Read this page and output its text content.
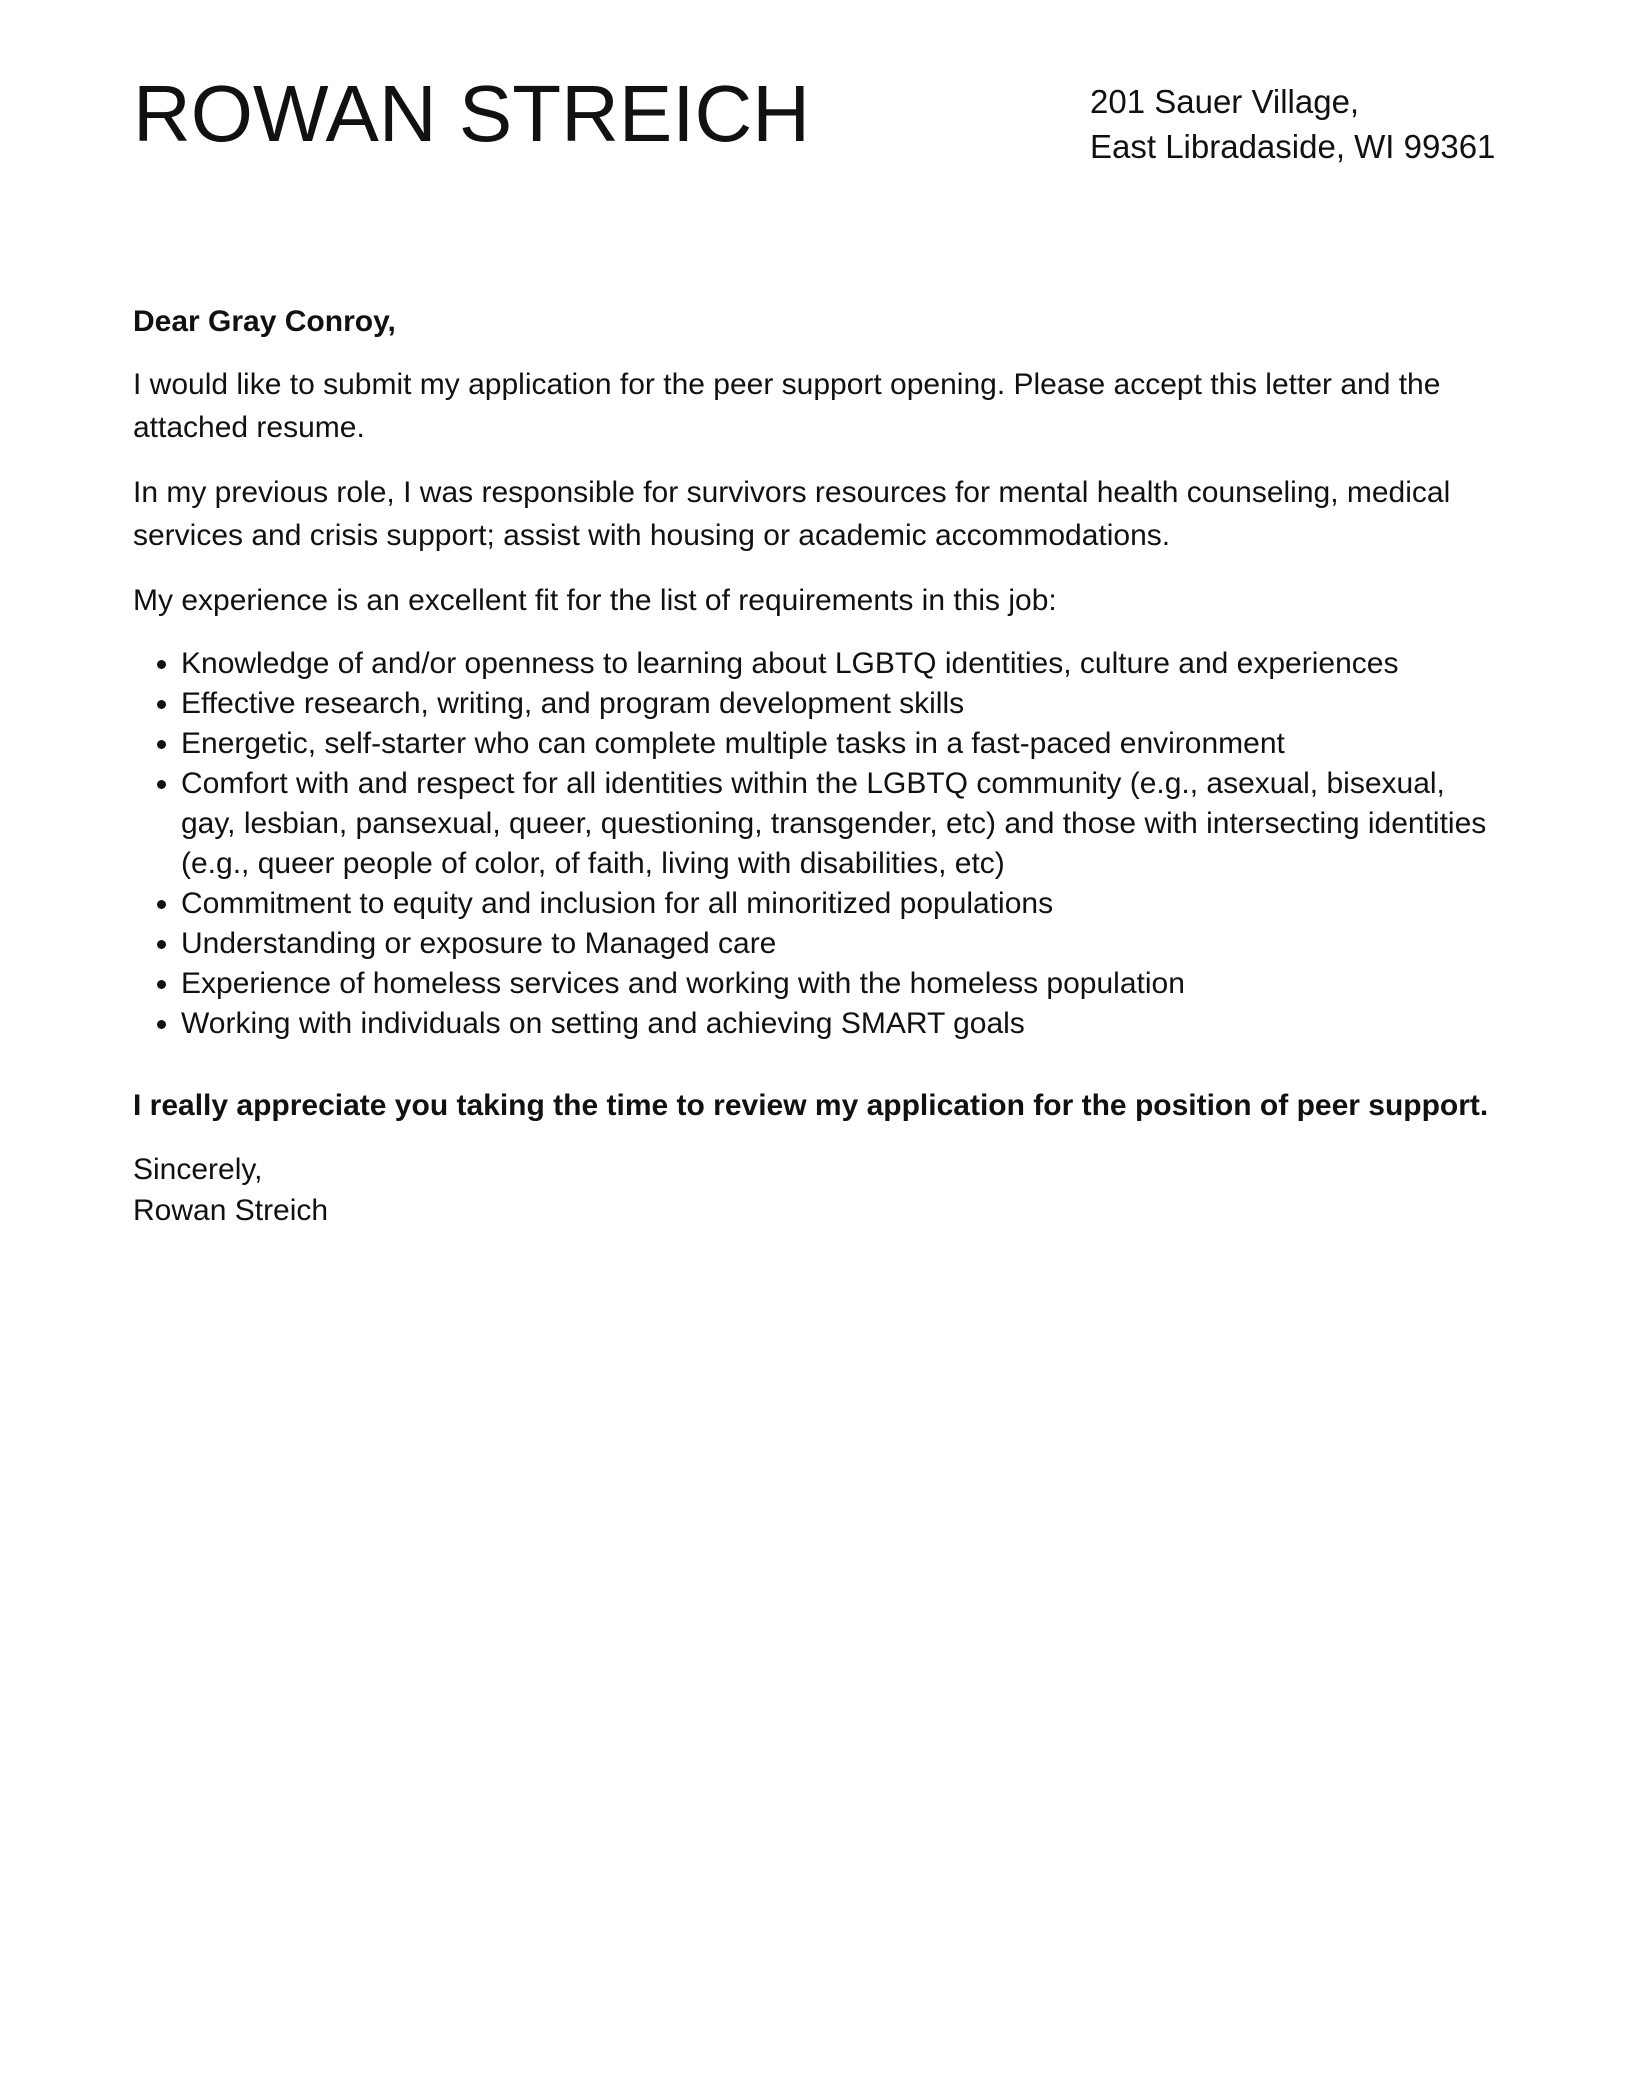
ROWAN STREICH	201 Sauer Village,
East Libradaside, WI 99361

Dear Gray Conroy,

I would like to submit my application for the peer support opening. Please accept this letter and the attached resume.

In my previous role, I was responsible for survivors resources for mental health counseling, medical services and crisis support; assist with housing or academic accommodations.

My experience is an excellent fit for the list of requirements in this job:

• Knowledge of and/or openness to learning about LGBTQ identities, culture and experiences
• Effective research, writing, and program development skills
• Energetic, self-starter who can complete multiple tasks in a fast-paced environment
• Comfort with and respect for all identities within the LGBTQ community (e.g., asexual, bisexual, gay, lesbian, pansexual, queer, questioning, transgender, etc) and those with intersecting identities (e.g., queer people of color, of faith, living with disabilities, etc)
• Commitment to equity and inclusion for all minoritized populations
• Understanding or exposure to Managed care
• Experience of homeless services and working with the homeless population
• Working with individuals on setting and achieving SMART goals

I really appreciate you taking the time to review my application for the position of peer support.

Sincerely,
Rowan Streich
